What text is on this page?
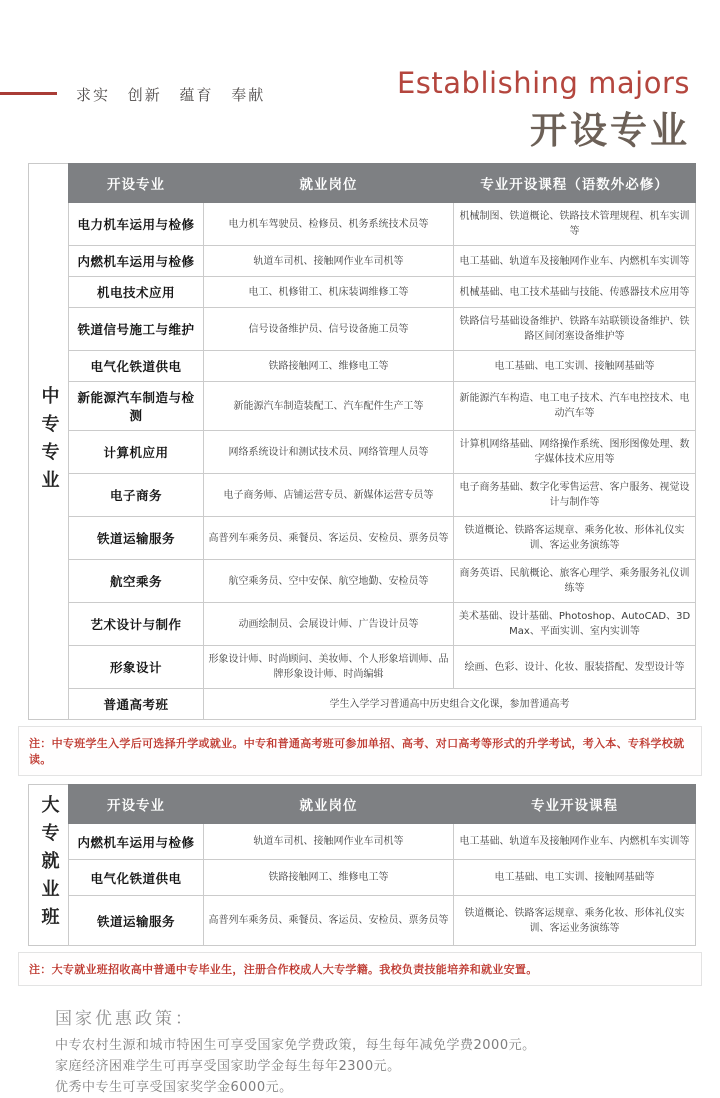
求实 创新 蕴育 奉献	Establishing majors
开设专业
中专专业
开设专业	就业岗位	专业开设课程（语数外必修）
电力机车运用与检修	电力机车驾驶员、检修员、机务系统技术员等	机械制图、铁道概论、铁路技术管理规程、机车实训等
内燃机车运用与检修	轨道车司机、接触网作业车司机等	电工基础、轨道车及接触网作业车、内燃机车实训等
机电技术应用	电工、机修钳工、机床装调维修工等	机械基础、电工技术基础与技能、传感器技术应用等
铁道信号施工与维护	信号设备维护员、信号设备施工员等	铁路信号基础设备维护、铁路车站联锁设备维护、铁路区间闭塞设备维护等
电气化铁道供电	铁路接触网工、维修电工等	电工基础、电工实训、接触网基础等
新能源汽车制造与检测	新能源汽车制造装配工、汽车配件生产工等	新能源汽车构造、电工电子技术、汽车电控技术、电动汽车等
计算机应用	网络系统设计和测试技术员、网络管理人员等	计算机网络基础、网络操作系统、图形图像处理、数字媒体技术应用等
电子商务	电子商务师、店铺运营专员、新媒体运营专员等	电子商务基础、数字化零售运营、客户服务、视觉设计与制作等
铁道运输服务	高普列车乘务员、乘餐员、客运员、安检员、票务员等	铁道概论、铁路客运规章、乘务化妆、形体礼仪实训、客运业务演练等
航空乘务	航空乘务员、空中安保、航空地勤、安检员等	商务英语、民航概论、旅客心理学、乘务服务礼仪训练等
艺术设计与制作	动画绘制员、会展设计师、广告设计员等	美术基础、设计基础、Photoshop、AutoCAD、3D Max、平面实训、室内实训等
形象设计	形象设计师、时尚顾问、美妆师、个人形象培训师、品牌形象设计师、时尚编辑	绘画、色彩、设计、化妆、服装搭配、发型设计等
普通高考班	学生入学学习普通高中历史组合文化课，参加普通高考	
注：中专班学生入学后可选择升学或就业。中专和普通高考班可参加单招、高考、对口高考等形式的升学考试，考入本、专科学校就读。
大专就业班	开设专业	就业岗位	专业开设课程
内燃机车运用与检修	轨道车司机、接触网作业车司机等	电工基础、轨道车及接触网作业车、内燃机车实训等
电气化铁道供电	铁路接触网工、维修电工等	电工基础、电工实训、接触网基础等
铁道运输服务	高普列车乘务员、乘餐员、客运员、安检员、票务员等	铁道概论、铁路客运规章、乘务化妆、形体礼仪实训、客运业务演练等
注：大专就业班招收高中普通中专毕业生，注册合作校成人大专学籍。我校负责技能培养和就业安置。
国家优惠政策：
中专农村生源和城市特困生可享受国家免学费政策，每生每年减免学费2000元。
家庭经济困难学生可再享受国家助学金每生每年2300元。
优秀中专生可享受国家奖学金6000元。
